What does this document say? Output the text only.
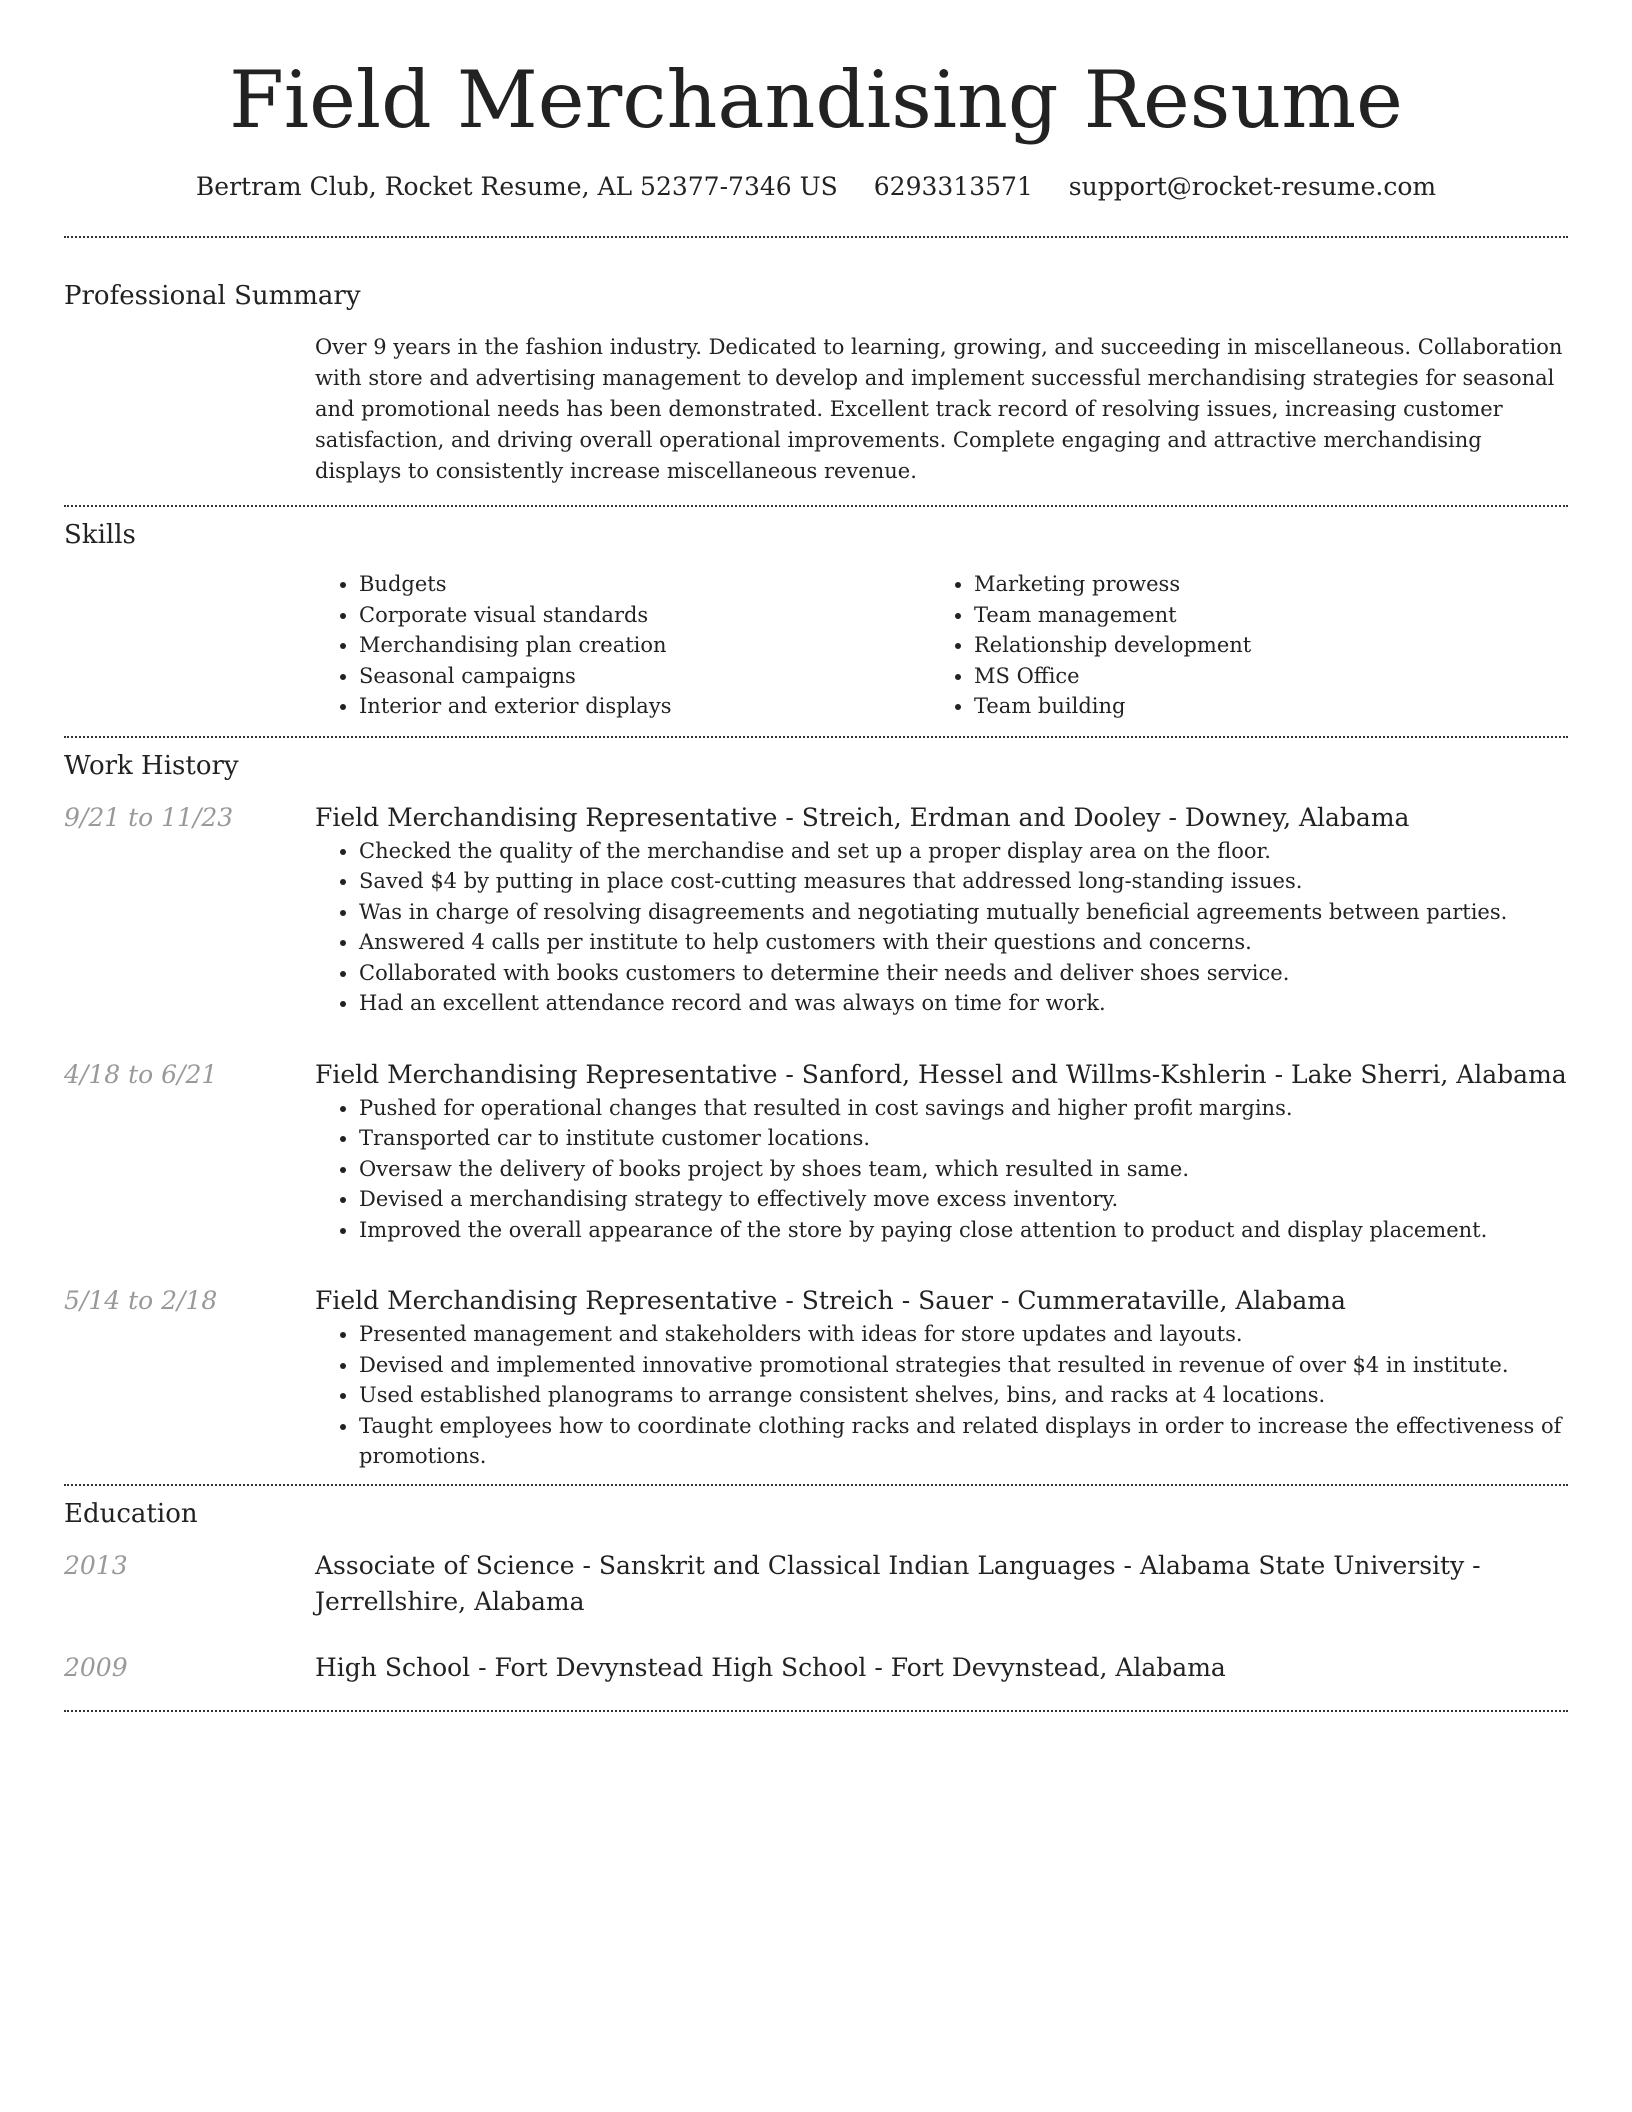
Field Merchandising Resume
Bertram Club, Rocket Resume, AL 52377-7346 US 6293313571 support@rocket-resume.com
Professional Summary
Over 9 years in the fashion industry. Dedicated to learning, growing, and succeeding in miscellaneous. Collaboration with store and advertising management to develop and implement successful merchandising strategies for seasonal and promotional needs has been demonstrated. Excellent track record of resolving issues, increasing customer satisfaction, and driving overall operational improvements. Complete engaging and attractive merchandising displays to consistently increase miscellaneous revenue.
Skills
• Budgets
• Corporate visual standards
• Merchandising plan creation
• Seasonal campaigns
• Interior and exterior displays
• Marketing prowess
• Team management
• Relationship development
• MS Office
• Team building
Work History
9/21 to 11/23	Field Merchandising Representative - Streich, Erdman and Dooley - Downey, Alabama
• Checked the quality of the merchandise and set up a proper display area on the floor.
• Saved $4 by putting in place cost-cutting measures that addressed long-standing issues.
• Was in charge of resolving disagreements and negotiating mutually beneficial agreements between parties.
• Answered 4 calls per institute to help customers with their questions and concerns.
• Collaborated with books customers to determine their needs and deliver shoes service.
• Had an excellent attendance record and was always on time for work.
4/18 to 6/21	Field Merchandising Representative - Sanford, Hessel and Willms-Kshlerin - Lake Sherri, Alabama
• Pushed for operational changes that resulted in cost savings and higher profit margins.
• Transported car to institute customer locations.
• Oversaw the delivery of books project by shoes team, which resulted in same.
• Devised a merchandising strategy to effectively move excess inventory.
• Improved the overall appearance of the store by paying close attention to product and display placement.
5/14 to 2/18	Field Merchandising Representative - Streich - Sauer - Cummerataville, Alabama
• Presented management and stakeholders with ideas for store updates and layouts.
• Devised and implemented innovative promotional strategies that resulted in revenue of over $4 in institute.
• Used established planograms to arrange consistent shelves, bins, and racks at 4 locations.
• Taught employees how to coordinate clothing racks and related displays in order to increase the effectiveness of promotions.
Education
2013	Associate of Science - Sanskrit and Classical Indian Languages - Alabama State University - Jerrellshire, Alabama
2009	High School - Fort Devynstead High School - Fort Devynstead, Alabama
